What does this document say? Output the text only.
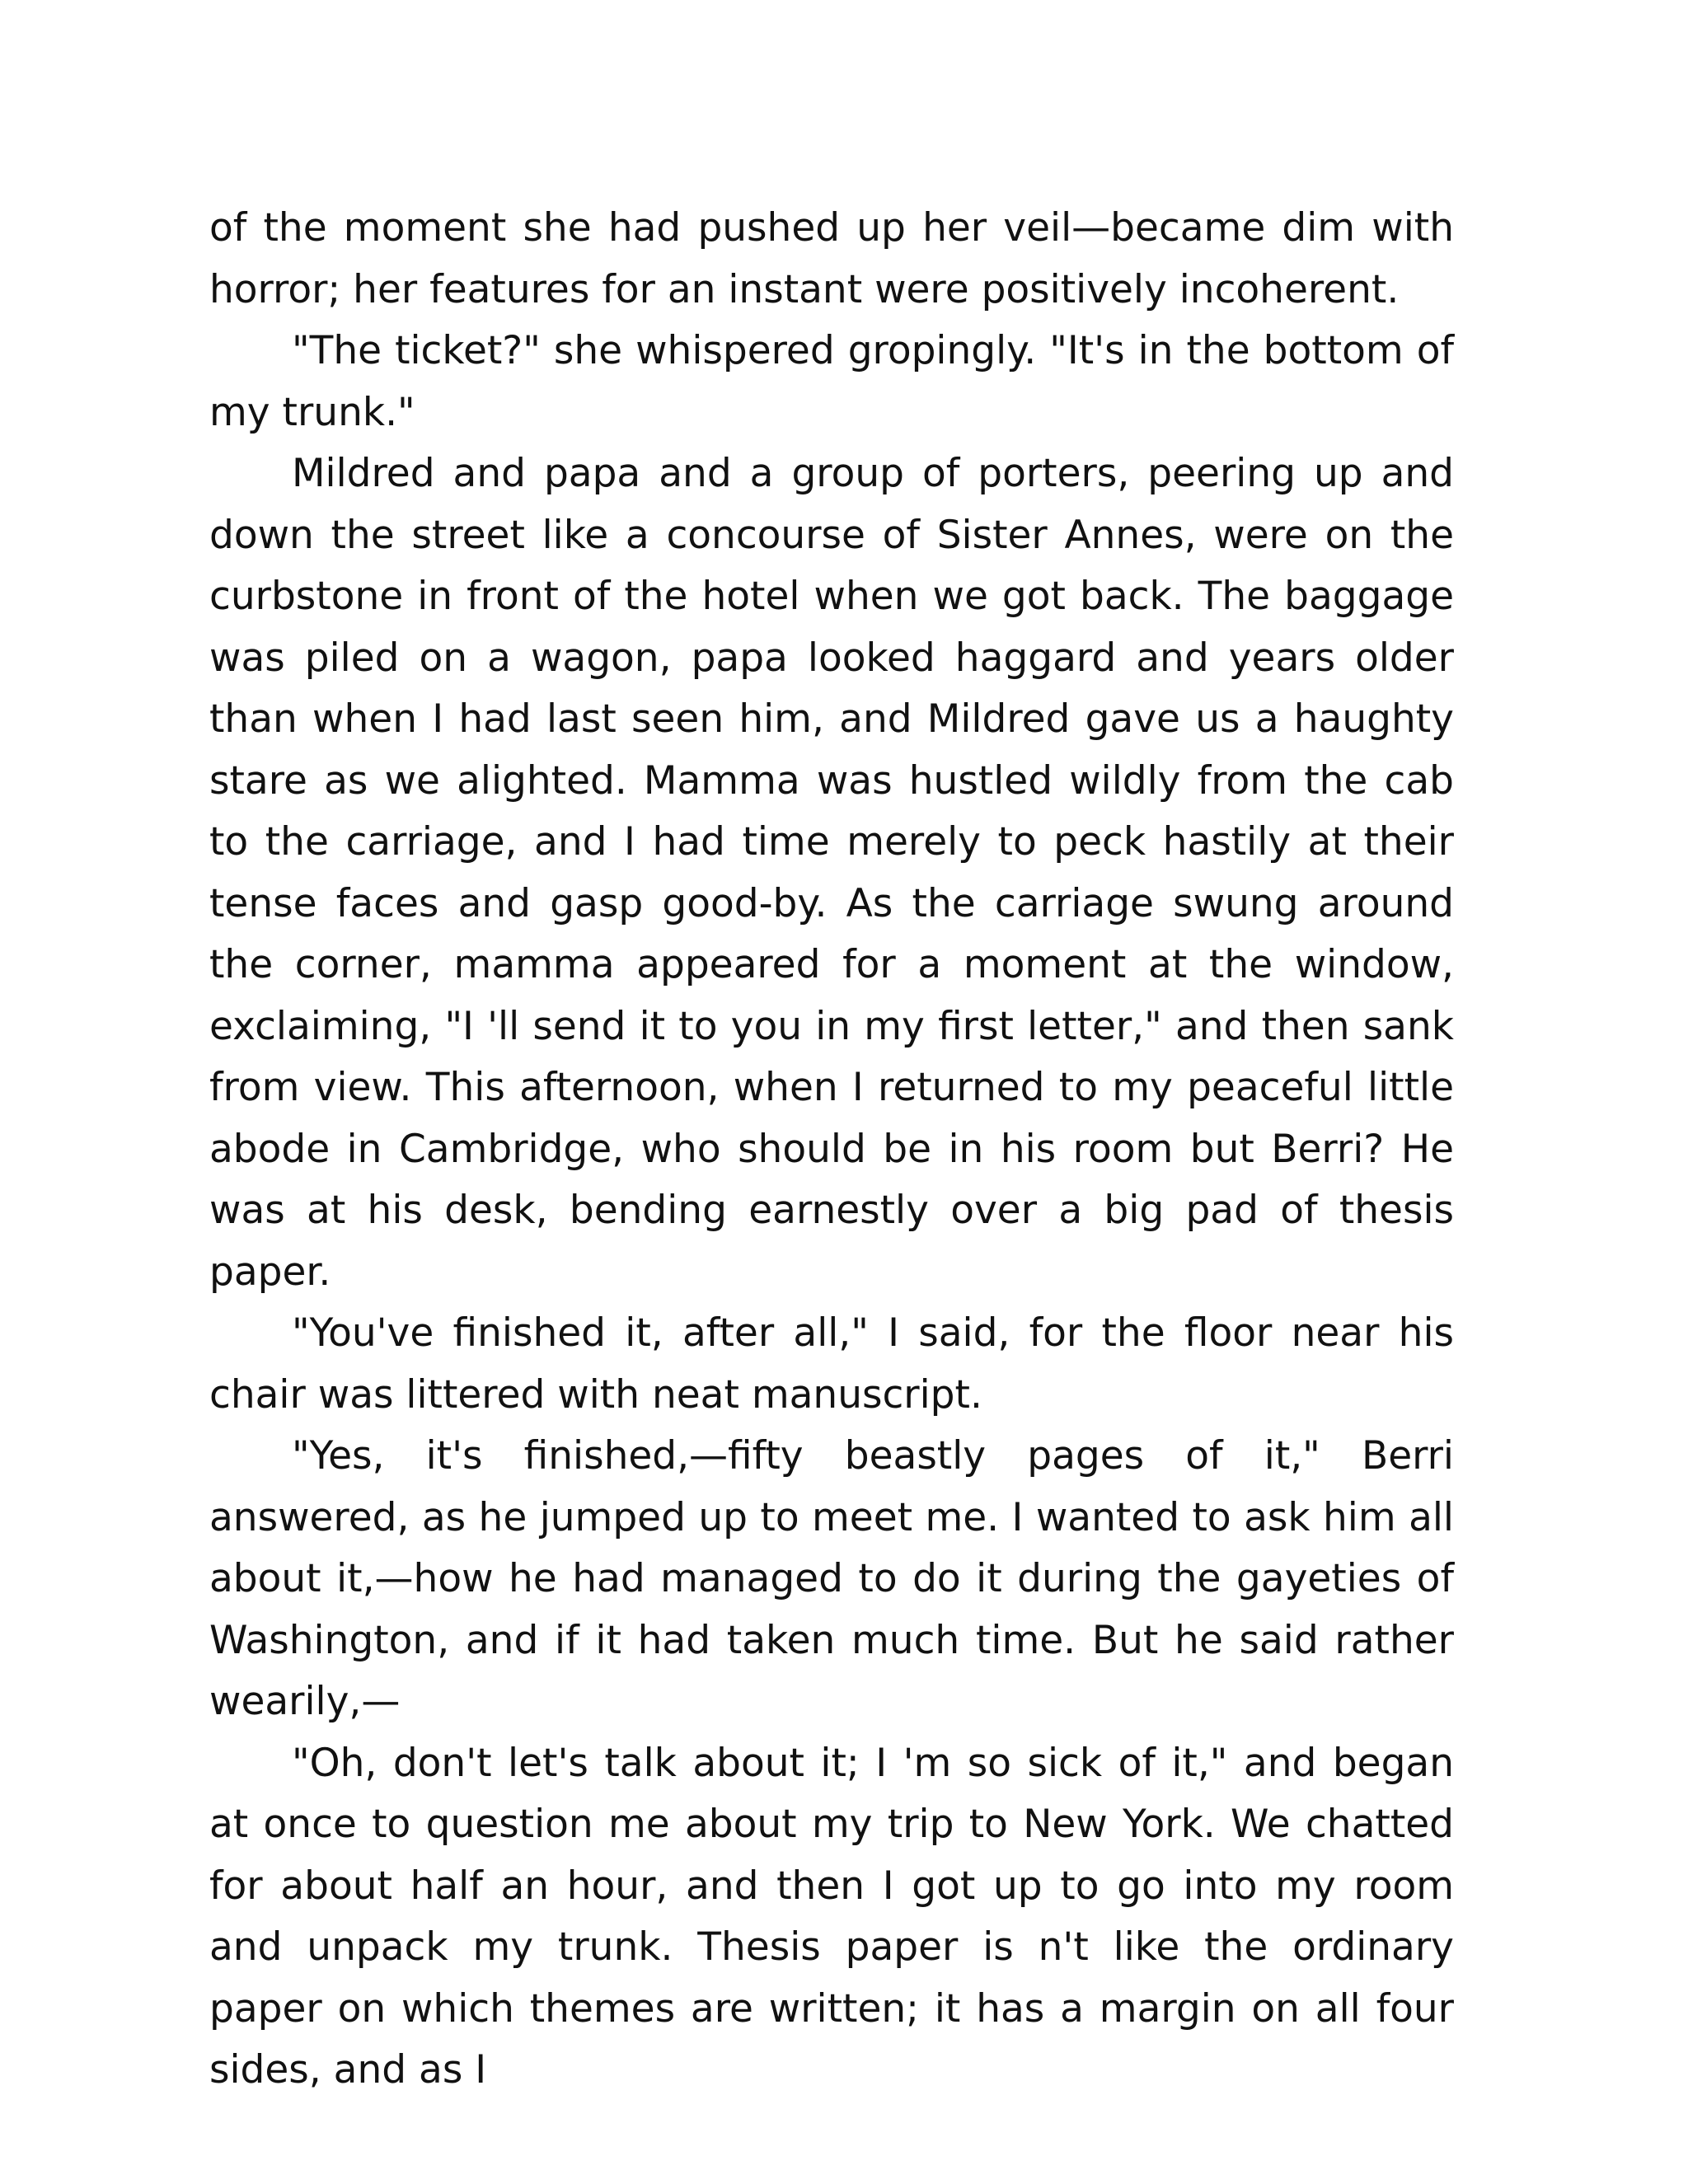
of the moment she had pushed up her veil—became dim with horror; her features for an instant were positively incoherent.

"The ticket?" she whispered gropingly. "It's in the bottom of my trunk."

Mildred and papa and a group of porters, peering up and down the street like a concourse of Sister Annes, were on the curbstone in front of the hotel when we got back. The baggage was piled on a wagon, papa looked haggard and years older than when I had last seen him, and Mildred gave us a haughty stare as we alighted. Mamma was hustled wildly from the cab to the carriage, and I had time merely to peck hastily at their tense faces and gasp good-by. As the carriage swung around the corner, mamma appeared for a moment at the window, exclaiming, "I 'll send it to you in my first letter," and then sank from view. This afternoon, when I returned to my peaceful little abode in Cambridge, who should be in his room but Berri? He was at his desk, bending earnestly over a big pad of thesis paper.

"You've finished it, after all," I said, for the floor near his chair was littered with neat manuscript.

"Yes, it's finished,—fifty beastly pages of it," Berri answered, as he jumped up to meet me. I wanted to ask him all about it,—how he had managed to do it during the gayeties of Washington, and if it had taken much time. But he said rather wearily,—

"Oh, don't let's talk about it; I 'm so sick of it," and began at once to question me about my trip to New York. We chatted for about half an hour, and then I got up to go into my room and unpack my trunk. Thesis paper is n't like the ordinary paper on which themes are written; it has a margin on all four sides, and as I
